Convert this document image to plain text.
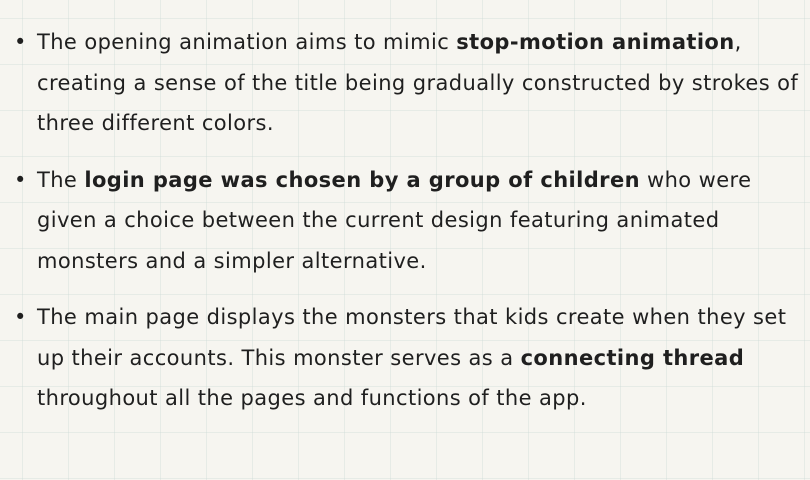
• The opening animation aims to mimic stop-motion animation, creating a sense of the title being gradually constructed by strokes of three different colors.
• The login page was chosen by a group of children who were given a choice between the current design featuring animated monsters and a simpler alternative.
• The main page displays the monsters that kids create when they set up their accounts. This monster serves as a connecting thread throughout all the pages and functions of the app.
